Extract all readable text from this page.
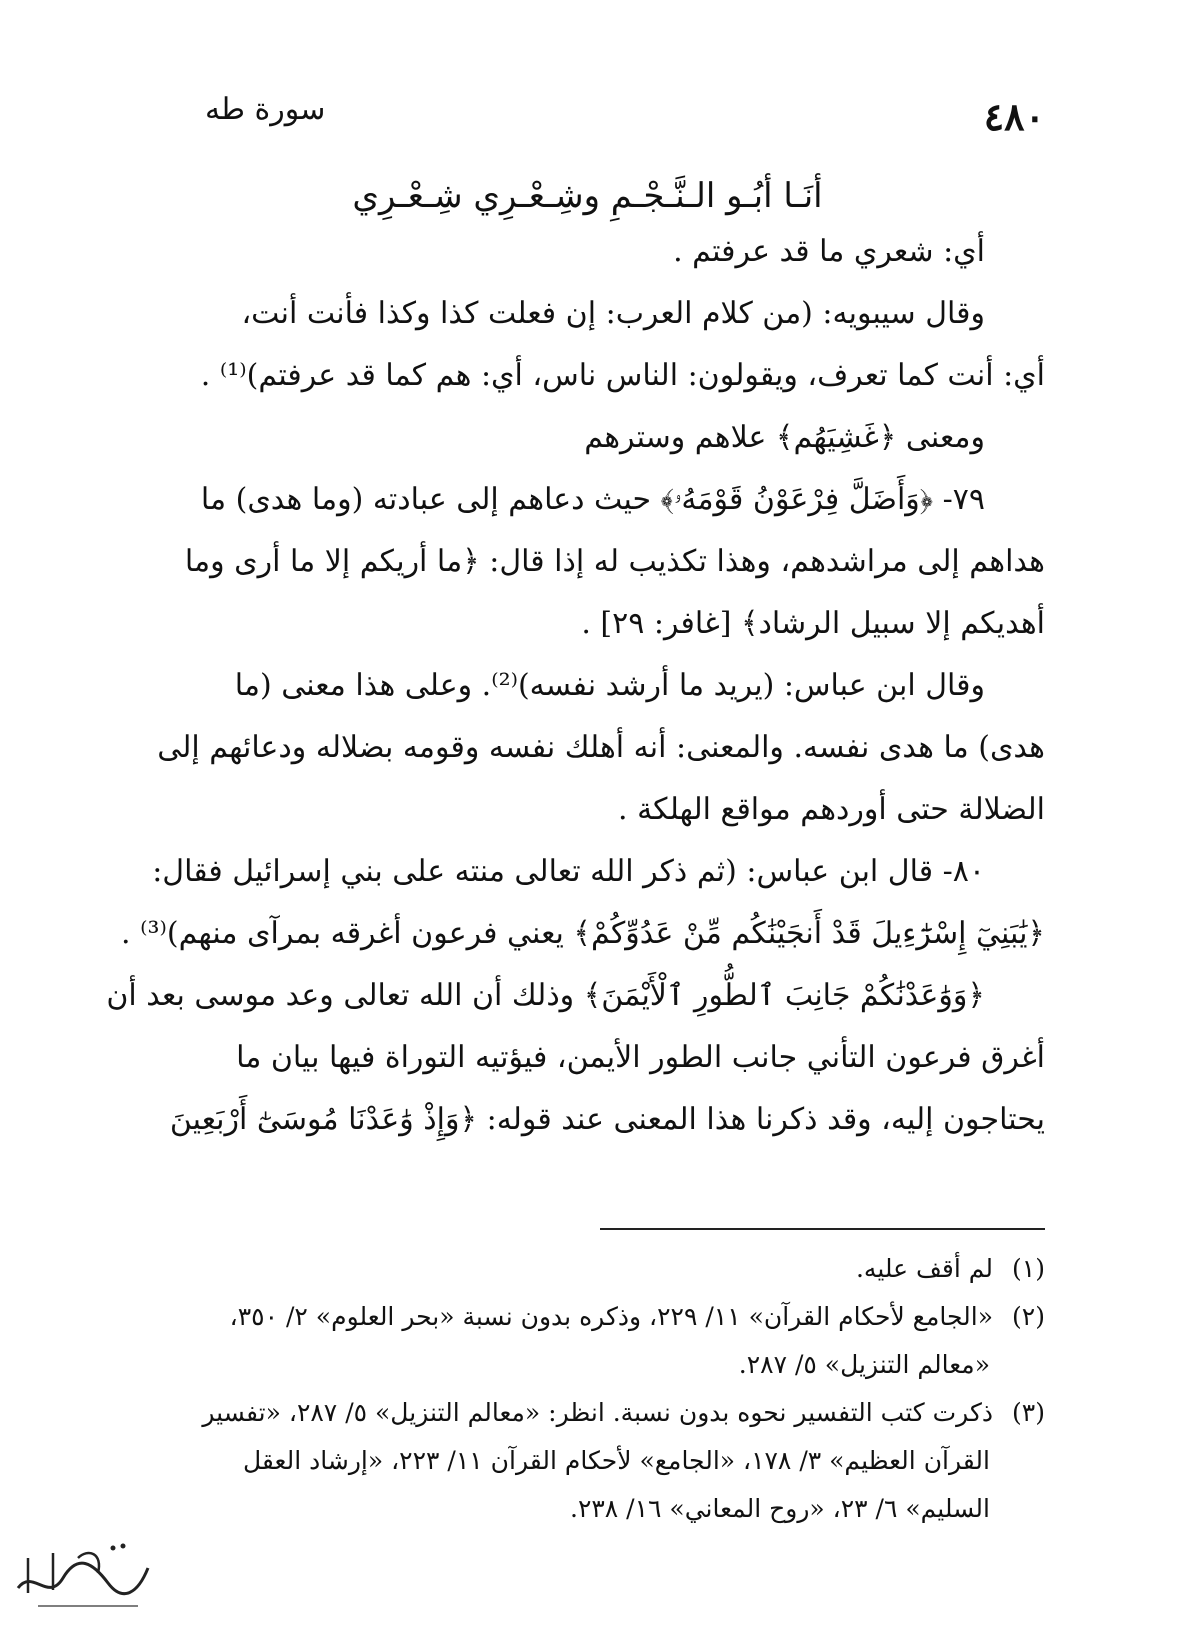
٤٨٠
سورة طه
أنَـا أبُـو الـنَّـجْـمِ وشِـعْـرِي شِـعْـرِي
أي: شعري ما قد عرفتم .
وقال سيبويه: (من كلام العرب: إن فعلت كذا وكذا فأنت أنت،
أي: أنت كما تعرف، ويقولون: الناس ناس، أي: هم كما قد عرفتم)⁽¹⁾ .
ومعنى ﴿غَشِيَهُم﴾ علاهم وسترهم
٧٩- ﴿وَأَضَلَّ فِرْعَوْنُ قَوْمَهُۥ﴾ حيث دعاهم إلى عبادته (وما هدى) ما
هداهم إلى مراشدهم، وهذا تكذيب له إذا قال: ﴿ما أريكم إلا ما أرى وما
أهديكم إلا سبيل الرشاد﴾ [غافر: ٢٩] .
وقال ابن عباس: (يريد ما أرشد نفسه)⁽²⁾. وعلى هذا معنى (ما
هدى) ما هدى نفسه. والمعنى: أنه أهلك نفسه وقومه بضلاله ودعائهم إلى
الضلالة حتى أوردهم مواقع الهلكة .
٨٠- قال ابن عباس: (ثم ذكر الله تعالى منته على بني إسرائيل فقال:
﴿يَٰبَنِيٓ إِسْرَٰٓءِيلَ قَدْ أَنجَيْنَٰكُم مِّنْ عَدُوِّكُمْ﴾ يعني فرعون أغرقه بمرآى منهم)⁽³⁾ .
﴿وَوَٰعَدْنَٰكُمْ جَانِبَ ٱلطُّورِ ٱلْأَيْمَنَ﴾ وذلك أن الله تعالى وعد موسى بعد أن
أغرق فرعون التأني جانب الطور الأيمن، فيؤتيه التوراة فيها بيان ما
يحتاجون إليه، وقد ذكرنا هذا المعنى عند قوله: ﴿وَإِذْ وَٰعَدْنَا مُوسَىٰٓ أَرْبَعِينَ
(١)لم أقف عليه.
(٢)«الجامع لأحكام القرآن» ١١/ ٢٢٩، وذكره بدون نسبة «بحر العلوم» ٢/ ٣٥٠،
«معالم التنزيل» ٥/ ٢٨٧.
(٣)ذكرت كتب التفسير نحوه بدون نسبة. انظر: «معالم التنزيل» ٥/ ٢٨٧، «تفسير
القرآن العظيم» ٣/ ١٧٨، «الجامع» لأحكام القرآن ١١/ ٢٢٣، «إرشاد العقل
السليم» ٦/ ٢٣، «روح المعاني» ١٦/ ٢٣٨.
